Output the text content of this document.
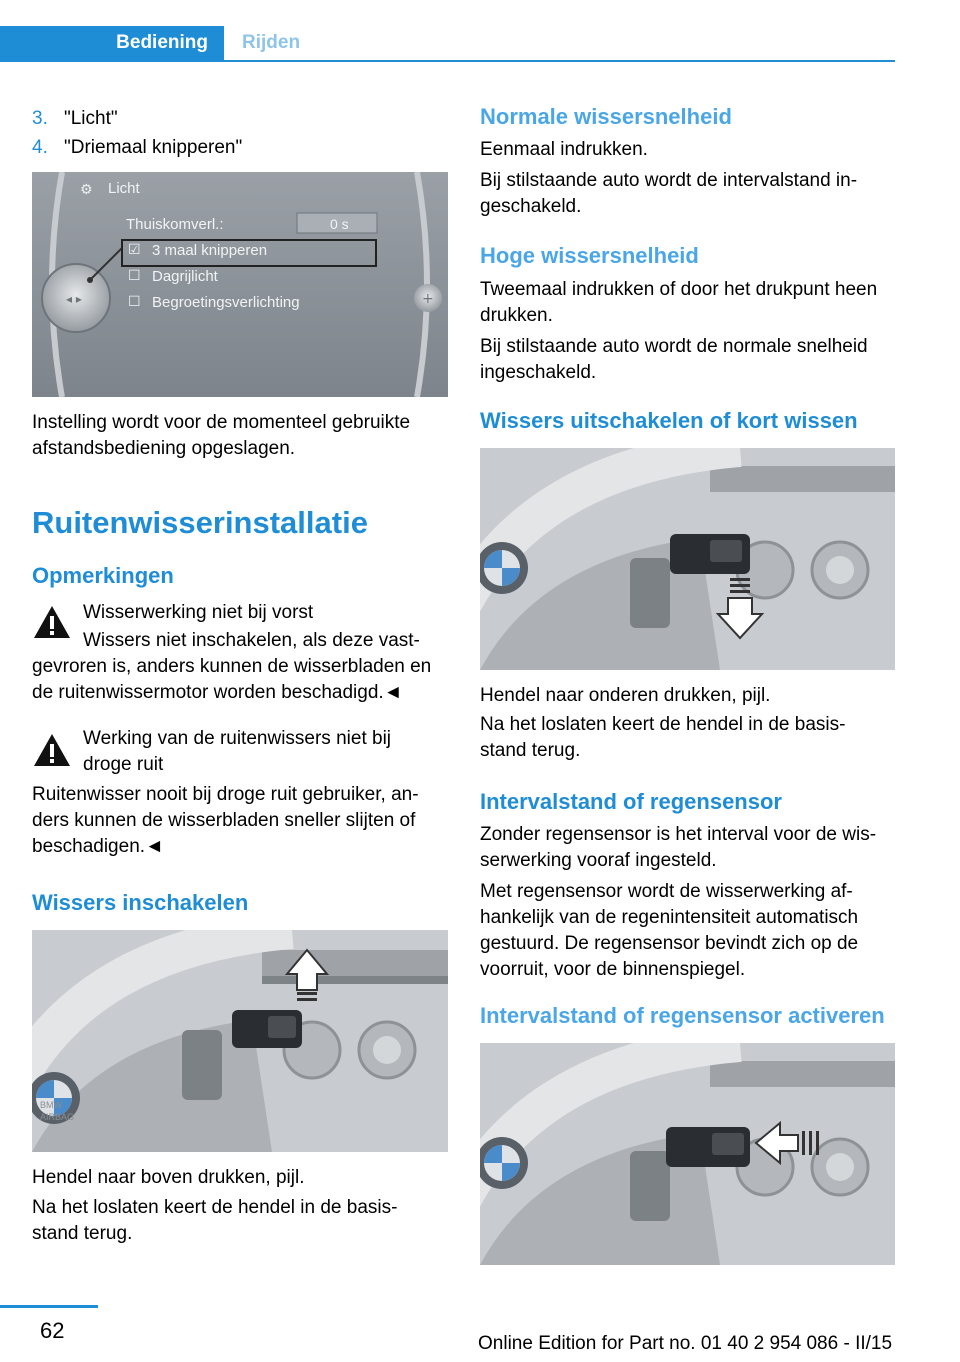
Bediening	Rijden
3. "Licht"
4. "Driemaal knipperen"
◂ ▸	+
⚙ Licht
Thuiskomverl.:	0 s
☑ 3 maal knipperen
☐ Dagrijlicht
☐ Begroetingsverlichting
Instelling wordt voor de momenteel gebruikte afstandsbediening opgeslagen.
Ruitenwisserinstallatie
Opmerkingen
Wisserwerking niet bij vorst
Wissers niet inschakelen, als deze vast-
gevroren is, anders kunnen de wisserbladen en de ruitenwissermotor worden beschadigd.◄
Werking van de ruitenwissers niet bij
droge ruit
Ruitenwisser nooit bij droge ruit gebruiker, an-ders kunnen de wisserbladen sneller slijten of beschadigen.◄
Wissers inschakelen
BMW
AIRBAG
Hendel naar boven drukken, pijl.
Na het loslaten keert de hendel in de basis-stand terug.
Normale wissersnelheid
Eenmaal indrukken.
Bij stilstaande auto wordt de intervalstand in-geschakeld.
Hoge wissersnelheid
Tweemaal indrukken of door het drukpunt heen drukken.
Bij stilstaande auto wordt de normale snelheid ingeschakeld.
Wissers uitschakelen of kort wissen
Hendel naar onderen drukken, pijl.
Na het loslaten keert de hendel in de basis-stand terug.
Intervalstand of regensensor
Zonder regensensor is het interval voor de wis-serwerking vooraf ingesteld.
Met regensensor wordt de wisserwerking af-hankelijk van de regenintensiteit automatisch gestuurd. De regensensor bevindt zich op de voorruit, voor de binnenspiegel.
Intervalstand of regensensor activeren
62
Online Edition for Part no. 01 40 2 954 086 - II/15
